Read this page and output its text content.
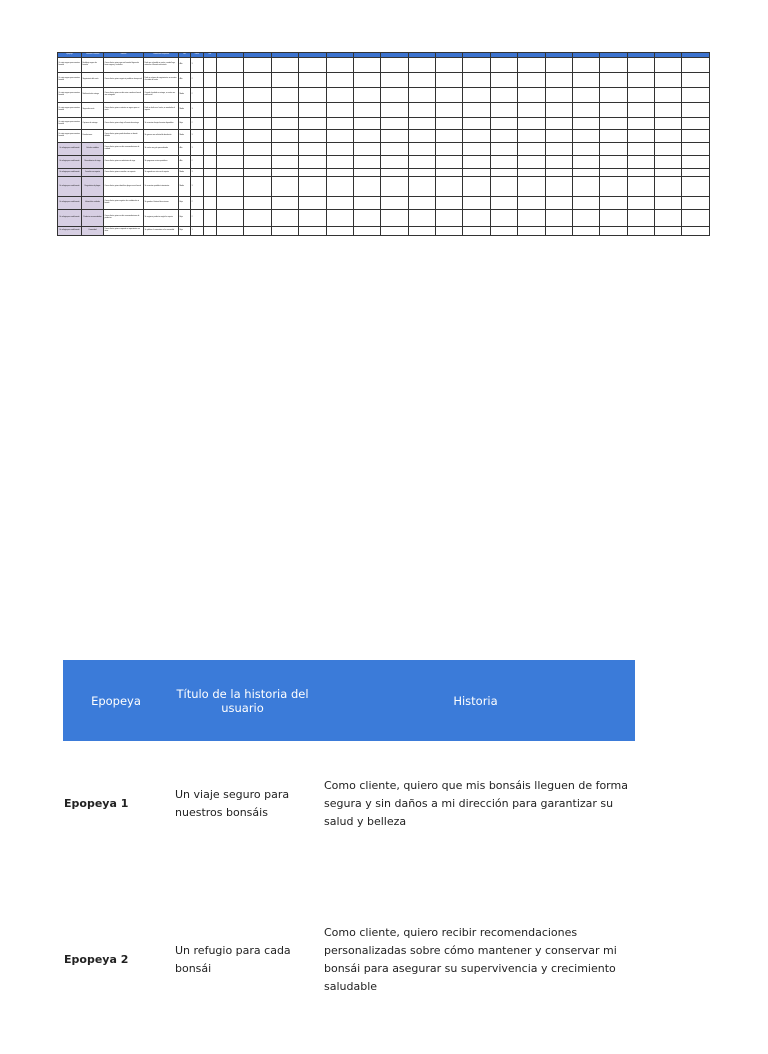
Epopeya	Título de la historia	Historia	Criterios de aceptación	Prio.	Estim.	Est.																		
Un viaje seguro para nuestros bonsáis	Embalaje seguro de bonsáis	Como cliente, quiero que mis bonsáis lleguen de forma segura y sin daños	Dado que el pedido se envía, cuando llega, entonces el bonsái está intacto	Alta	3																			
Un viaje seguro para nuestros bonsáis	Seguimiento del envío	Como cliente, quiero seguir mi pedido en tiempo real	Dado un número de seguimiento, se muestra el estado del envío	Alta	2																			
Un viaje seguro para nuestros bonsáis	Notificación de entrega	Como cliente, quiero recibir aviso cuando mi bonsái sea entregado	Cuando el pedido se entrega, se envía una notificación	Media	2																			
Un viaje seguro para nuestros bonsáis	Seguro de envío	Como cliente, quiero contratar un seguro para mi envío	Dado un daño en el envío, se reembolsa el importe	Media	3																			
Un viaje seguro para nuestros bonsáis	Opciones de entrega	Como cliente, quiero elegir el horario de entrega	Se muestran franjas horarias disponibles	Baja	2																			
Un viaje seguro para nuestros bonsáis	Devoluciones	Como cliente, quiero poder devolver un bonsái dañado	Se genera una solicitud de devolución	Media	3																			
Un refugio para cada bonsái	Guía de cuidados	Como cliente, quiero recibir recomendaciones de cuidado	Se envía una guía personalizada	Alta	3																			
Un refugio para cada bonsái	Recordatorios de riego	Como cliente, quiero recordatorios de riego	Se programan avisos periódicos	Alta	2																			
Un refugio para cada bonsái	Consulta con experto	Como cliente, quiero consultar a un experto	Se agenda una cita con el experto	Media	3																			
Un refugio para cada bonsái	Diagnóstico de plagas	Como cliente, quiero identificar plagas en mi bonsái	Se muestran posibles tratamientos	Media	3																			
Un refugio para cada bonsái	Historial de cuidados	Como cliente, quiero registrar los cuidados de mi bonsái	Se guarda el historial de acciones	Baja	2																			
Un refugio para cada bonsái	Productos recomendados	Como cliente, quiero recibir recomendaciones de productos	Se sugieren productos según la especie	Baja	2																			
Un refugio para cada bonsái	Comunidad	Como cliente, quiero compartir mi experiencia con otros	Se publica el comentario en la comunidad	Baja	1																			
Epopeya	Título de la historia del usuario	Historia
Epopeya 1	Un viaje seguro para nuestros bonsáis	Como cliente, quiero que mis bonsáis lleguen de forma segura y sin daños a mi dirección para garantizar su salud y belleza
Epopeya 2	Un refugio para cada bonsái	Como cliente, quiero recibir recomendaciones personalizadas sobre cómo mantener y conservar mi bonsái para asegurar su supervivencia y crecimiento saludable
